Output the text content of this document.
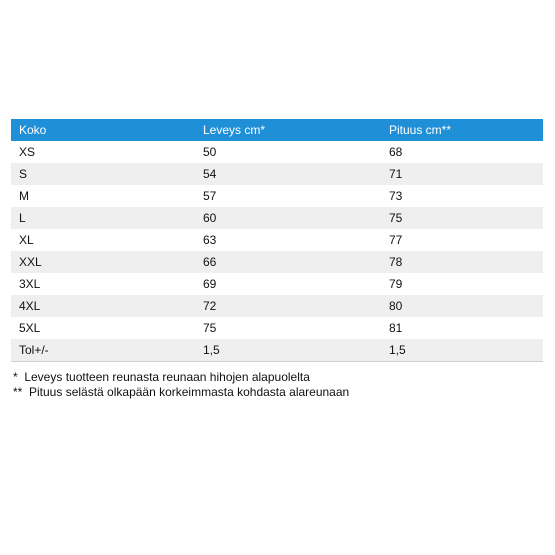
Koko	Leveys cm*	Pituus cm**
XS	50	68
S	54	71
M	57	73
L	60	75
XL	63	77
XXL	66	78
3XL	69	79
4XL	72	80
5XL	75	81
Tol+/-	1,5	1,5
*  Leveys tuotteen reunasta reunaan hihojen alapuolelta
**  Pituus selästä olkapään korkeimmasta kohdasta alareunaan
